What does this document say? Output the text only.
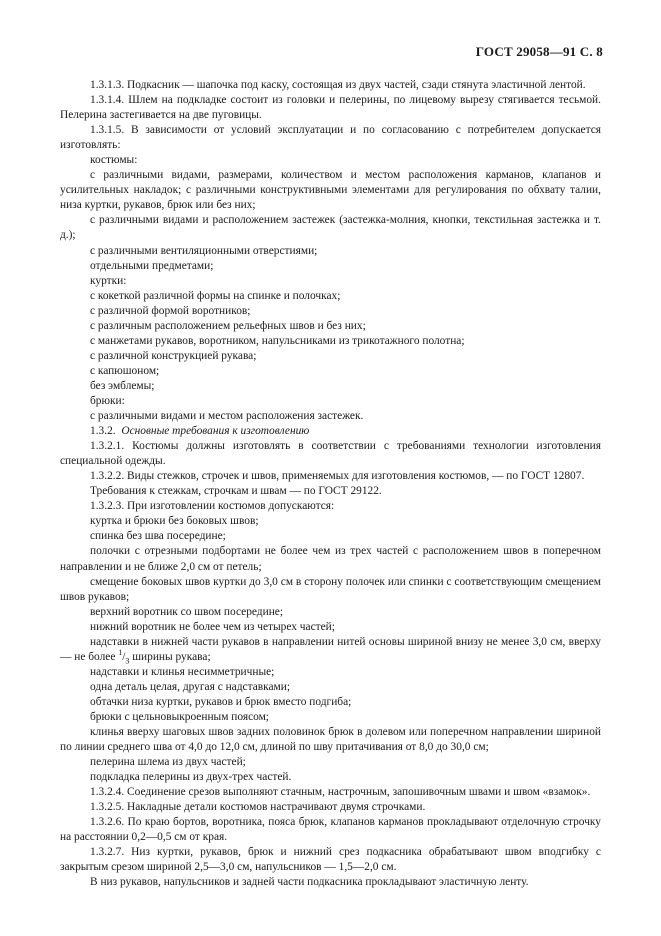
ГОСТ 29058—91 С. 8

1.3.1.3. Подкасник — шапочка под каску, состоящая из двух частей, сзади стянута эластичной лентой.

1.3.1.4. Шлем на подкладке состоит из головки и пелерины, по лицевому вырезу стягивается тесьмой. Пелерина застегивается на две пуговицы.

1.3.1.5. В зависимости от условий эксплуатации и по согласованию с потребителем допускается изготовлять:

костюмы:

с различными видами, размерами, количеством и местом расположения карманов, клапанов и усилительных накладок; с различными конструктивными элементами для регулирования по обхвату талии, низа куртки, рукавов, брюк или без них;

с различными видами и расположением застежек (застежка-молния, кнопки, текстильная застежка и т. д.);

с различными вентиляционными отверстиями;

отдельными предметами;

куртки:

с кокеткой различной формы на спинке и полочках;

с различной формой воротников;

с различным расположением рельефных швов и без них;

с манжетами рукавов, воротником, напульсниками из трикотажного полотна;

с различной конструкцией рукава;

с капюшоном;

без эмблемы;

брюки:

с различными видами и местом расположения застежек.

1.3.2. Основные требования к изготовлению

1.3.2.1. Костюмы должны изготовлять в соответствии с требованиями технологии изготовления специальной одежды.

1.3.2.2. Виды стежков, строчек и швов, применяемых для изготовления костюмов, — по ГОСТ 12807.

Требования к стежкам, строчкам и швам — по ГОСТ 29122.

1.3.2.3. При изготовлении костюмов допускаются:

куртка и брюки без боковых швов;

спинка без шва посередине;

полочки с отрезными подбортами не более чем из трех частей с расположением швов в поперечном направлении и не ближе 2,0 см от петель;

смещение боковых швов куртки до 3,0 см в сторону полочек или спинки с соответствующим смещением швов рукавов;

верхний воротник со швом посередине;

нижний воротник не более чем из четырех частей;

надставки в нижней части рукавов в направлении нитей основы шириной внизу не менее 3,0 см, вверху — не более $^1/_3$ ширины рукава;

надставки и клинья несимметричные;

одна деталь целая, другая с надставками;

обтачки низа куртки, рукавов и брюк вместо подгиба;

брюки с цельновыкроенным поясом;

клинья вверху шаговых швов задних половинок брюк в долевом или поперечном направлении шириной по линии среднего шва от 4,0 до 12,0 см, длиной по шву притачивания от 8,0 до 30,0 см;

пелерина шлема из двух частей;

подкладка пелерины из двух-трех частей.

1.3.2.4. Соединение срезов выполняют стачным, настрочным, запошивочным швами и швом «взамок».

1.3.2.5. Накладные детали костюмов настрачивают двумя строчками.

1.3.2.6. По краю бортов, воротника, пояса брюк, клапанов карманов прокладывают отделочную строчку на расстоянии 0,2—0,5 см от края.

1.3.2.7. Низ куртки, рукавов, брюк и нижний срез подкасника обрабатывают швом вподгибку с закрытым срезом шириной 2,5—3,0 см, напульсников — 1,5—2,0 см.

В низ рукавов, напульсников и задней части подкасника прокладывают эластичную ленту.
